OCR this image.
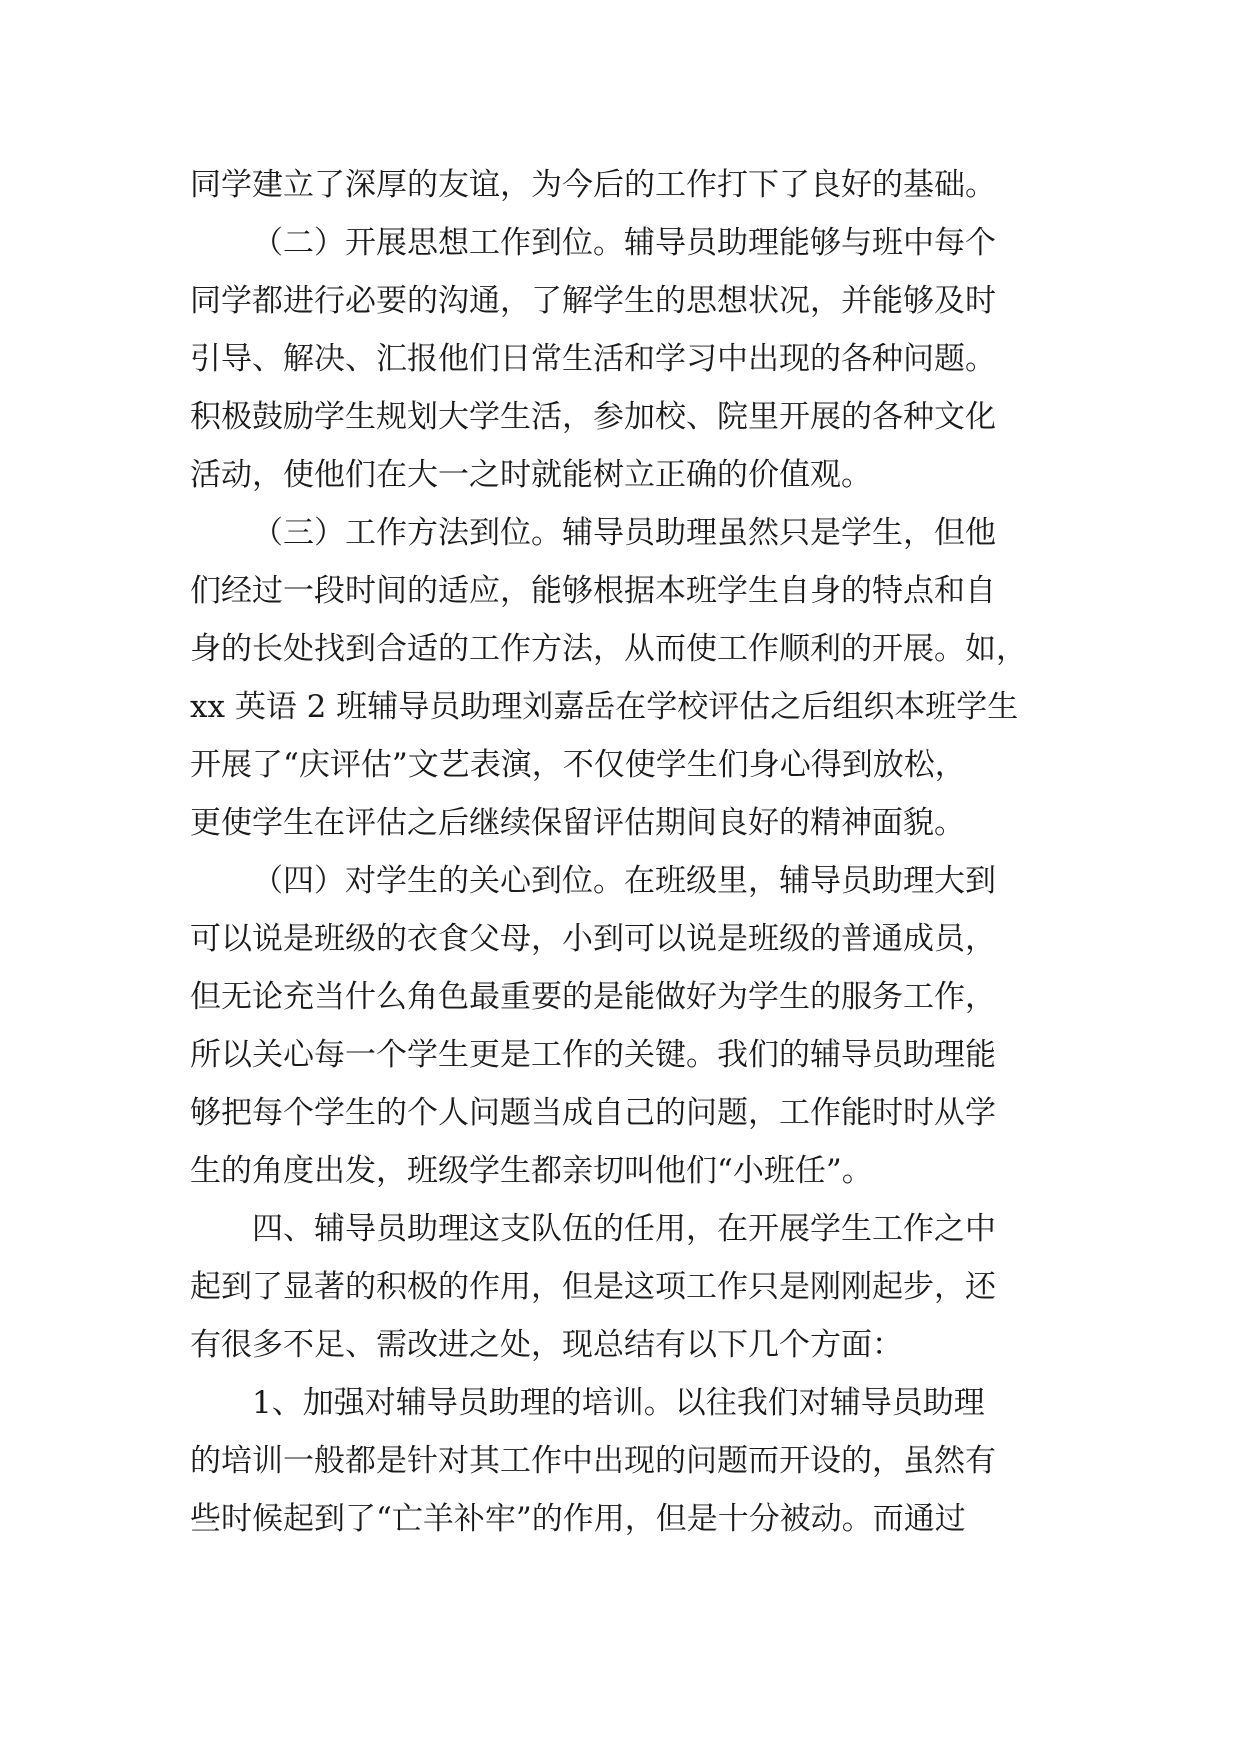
同学建立了深厚的友谊，为今后的工作打下了良好的基础。
（二）开展思想工作到位。辅导员助理能够与班中每个
同学都进行必要的沟通，了解学生的思想状况，并能够及时
引导、解决、汇报他们日常生活和学习中出现的各种问题。
积极鼓励学生规划大学生活，参加校、院里开展的各种文化
活动，使他们在大一之时就能树立正确的价值观。
（三）工作方法到位。辅导员助理虽然只是学生，但他
们经过一段时间的适应，能够根据本班学生自身的特点和自
身的长处找到合适的工作方法，从而使工作顺利的开展。如，
xx 英语 2 班辅导员助理刘嘉岳在学校评估之后组织本班学生
开展了“庆评估”文艺表演，不仅使学生们身心得到放松，
更使学生在评估之后继续保留评估期间良好的精神面貌。
（四）对学生的关心到位。在班级里，辅导员助理大到
可以说是班级的衣食父母，小到可以说是班级的普通成员，
但无论充当什么角色最重要的是能做好为学生的服务工作，
所以关心每一个学生更是工作的关键。我们的辅导员助理能
够把每个学生的个人问题当成自己的问题，工作能时时从学
生的角度出发，班级学生都亲切叫他们“小班任”。
四、辅导员助理这支队伍的任用，在开展学生工作之中
起到了显著的积极的作用，但是这项工作只是刚刚起步，还
有很多不足、需改进之处，现总结有以下几个方面：
1、加强对辅导员助理的培训。以往我们对辅导员助理
的培训一般都是针对其工作中出现的问题而开设的，虽然有
些时候起到了“亡羊补牢”的作用，但是十分被动。而通过
